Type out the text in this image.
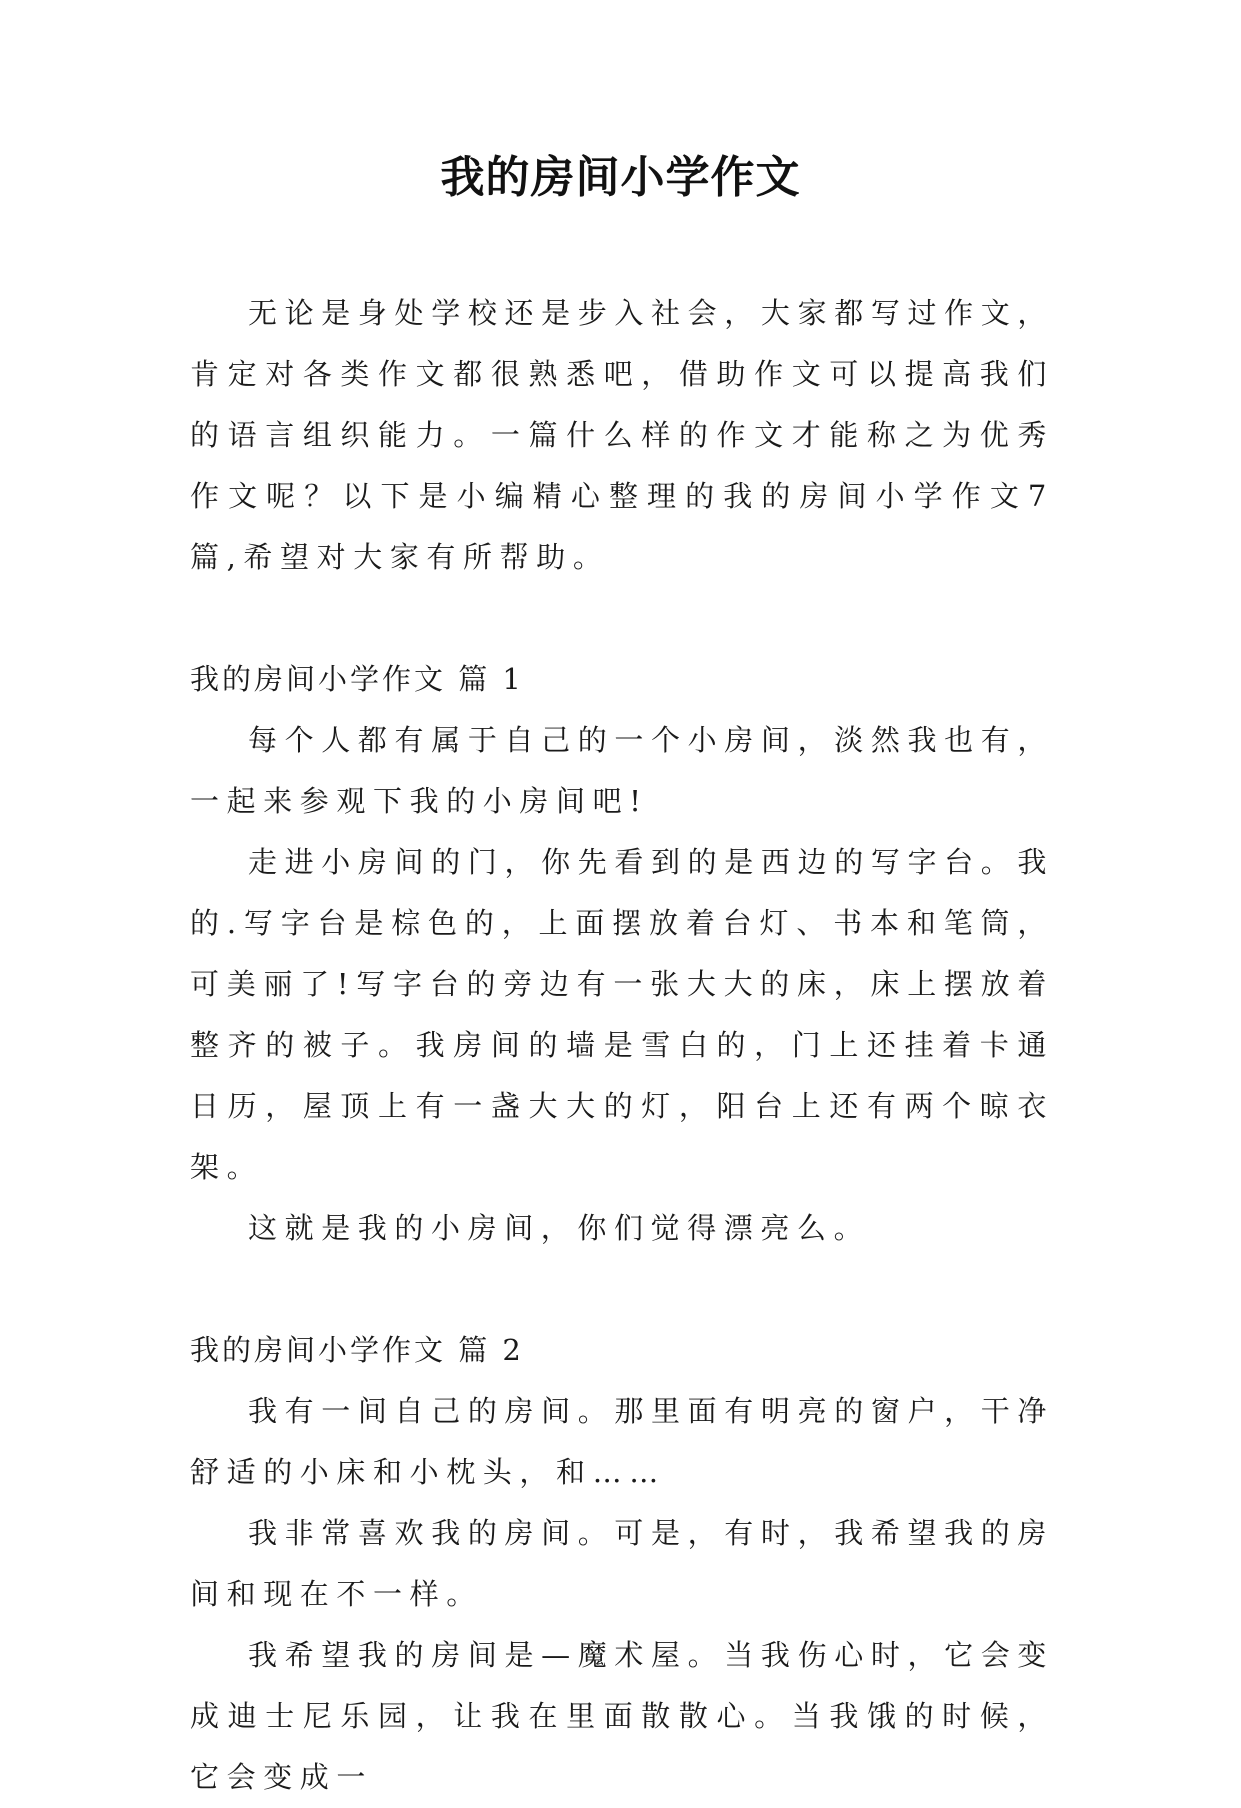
我的房间小学作文

无论是身处学校还是步入社会，大家都写过作文，肯定对各类作文都很熟悉吧，借助作文可以提高我们的语言组织能力。一篇什么样的作文才能称之为优秀作文呢？以下是小编精心整理的我的房间小学作文7篇,希望对大家有所帮助。

我的房间小学作文 篇 1

每个人都有属于自己的一个小房间，淡然我也有，一起来参观下我的小房间吧!

走进小房间的门，你先看到的是西边的写字台。我的.写字台是棕色的，上面摆放着台灯、书本和笔筒，可美丽了!写字台的旁边有一张大大的床，床上摆放着整齐的被子。我房间的墙是雪白的，门上还挂着卡通日历，屋顶上有一盏大大的灯，阳台上还有两个晾衣架。

这就是我的小房间，你们觉得漂亮么。

我的房间小学作文 篇 2

我有一间自己的房间。那里面有明亮的窗户，干净舒适的小床和小枕头，和……

我非常喜欢我的房间。可是，有时，我希望我的房间和现在不一样。

我希望我的房间是—魔术屋。当我伤心时，它会变成迪士尼乐园，让我在里面散散心。当我饿的时候，它会变成一
